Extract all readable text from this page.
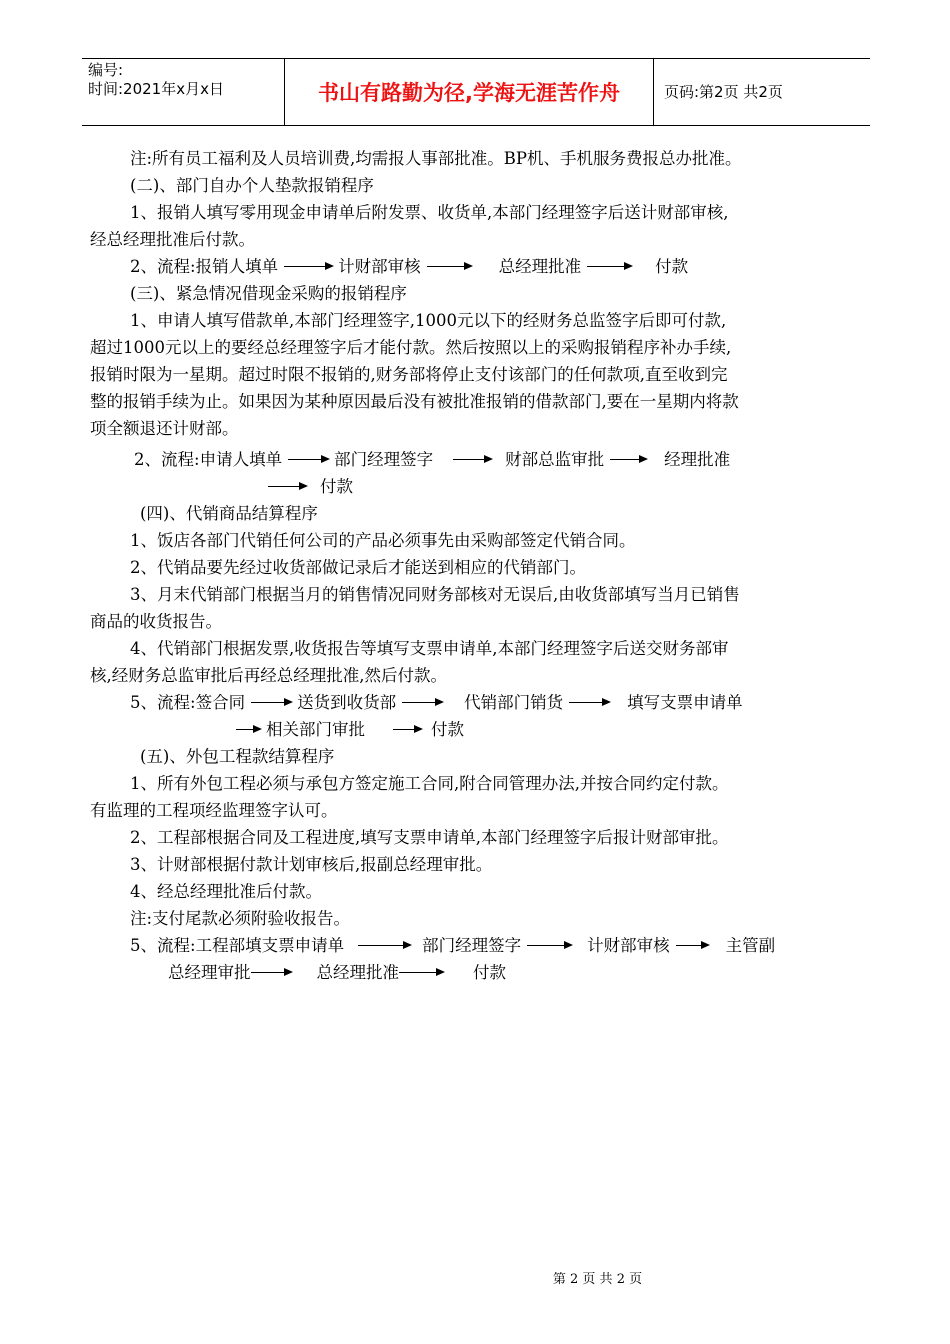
编号:
时间:2021年x月x日	书山有路勤为径,学海无涯苦作舟	页码:第2页 共2页
注:所有员工福利及人员培训费,均需报人事部批准。BP机、手机服务费报总办批准。
(二)、部门自办个人垫款报销程序
1、报销人填写零用现金申请单后附发票、收货单,本部门经理签字后送计财部审核,
经总经理批准后付款。
2、流程: 报销人填单	计财部审核	总经理批准	付款
(三)、紧急情况借现金采购的报销程序
1、申请人填写借款单,本部门经理签字,1000元以下的经财务总监签字后即可付款,
超过1000元以上的要经总经理签字后才能付款。然后按照以上的采购报销程序补办手续,
报销时限为一星期。超过时限不报销的,财务部将停止支付该部门的任何款项,直至收到完
整的报销手续为止。如果因为某种原因最后没有被批准报销的借款部门,要在一星期内将款
项全额退还计财部。
2、流程: 申请人填单	部门经理签字	财部总监审批	经理批准
付款
(四)、代销商品结算程序
1、饭店各部门代销任何公司的产品必须事先由采购部签定代销合同。
2、代销品要先经过收货部做记录后才能送到相应的代销部门。
3、月末代销部门根据当月的销售情况同财务部核对无误后,由收货部填写当月已销售
商品的收货报告。
4、代销部门根据发票,收货报告等填写支票申请单,本部门经理签字后送交财务部审
核,经财务总监审批后再经总经理批准,然后付款。
5、流程: 签合同	送货到收货部	代销部门销货	填写支票申请单
相关部门审批	付款
(五)、外包工程款结算程序
1、所有外包工程必须与承包方签定施工合同,附合同管理办法,并按合同约定付款。
有监理的工程项经监理签字认可。
2、工程部根据合同及工程进度,填写支票申请单,本部门经理签字后报计财部审批。
3、计财部根据付款计划审核后,报副总经理审批。
4、经总经理批准后付款。
注:支付尾款必须附验收报告。
5、流程: 工程部填支票申请单	部门经理签字	计财部审核	主管副
总经理审批	总经理批准	付款
第 2 页 共 2 页
